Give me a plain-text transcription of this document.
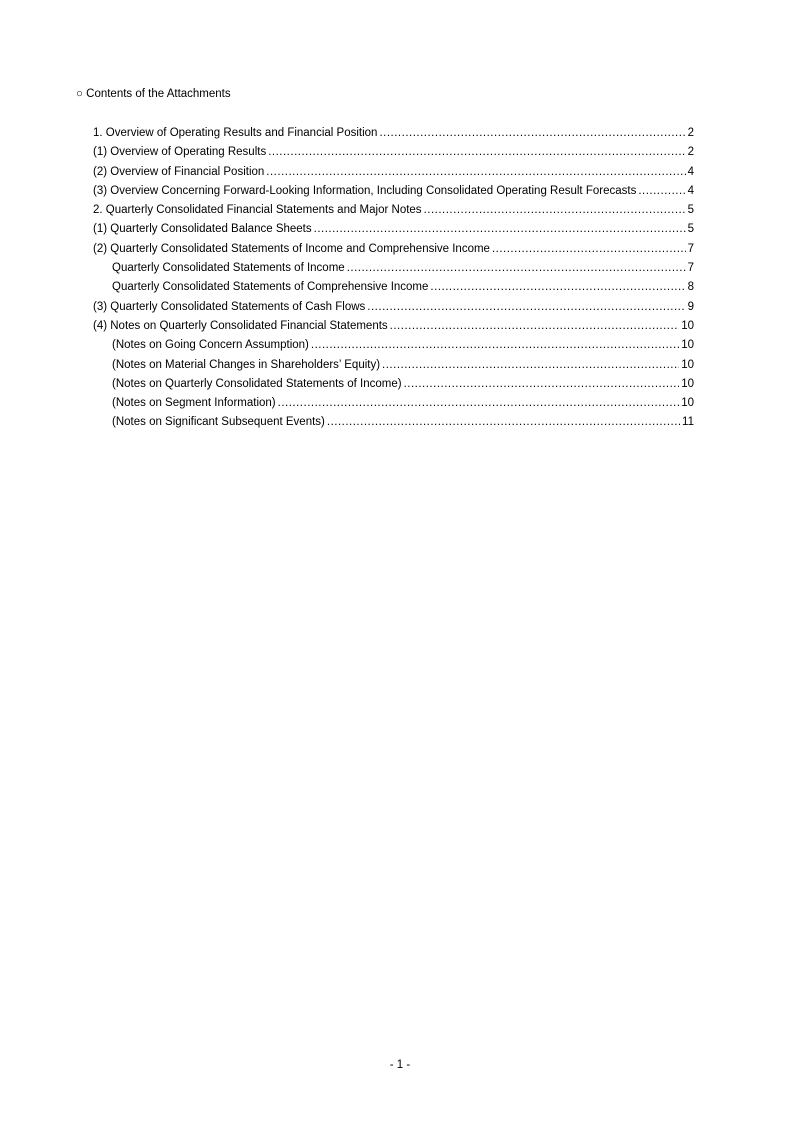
○ Contents of the Attachments
1. Overview of Operating Results and Financial Position .....	2
(1) Overview of Operating Results .....	2
(2) Overview of Financial Position .....	4
(3) Overview Concerning Forward-Looking Information, Including Consolidated Operating Result Forecasts .....	4
2. Quarterly Consolidated Financial Statements and Major Notes .....	5
(1) Quarterly Consolidated Balance Sheets .....	5
(2) Quarterly Consolidated Statements of Income and Comprehensive Income .....	7
Quarterly Consolidated Statements of Income .....	7
Quarterly Consolidated Statements of Comprehensive Income .....	8
(3) Quarterly Consolidated Statements of Cash Flows .....	9
(4) Notes on Quarterly Consolidated Financial Statements .....	10
(Notes on Going Concern Assumption) .....	10
(Notes on Material Changes in Shareholders’ Equity) .....	10
(Notes on Quarterly Consolidated Statements of Income) .....	10
(Notes on Segment Information) .....	10
(Notes on Significant Subsequent Events) .....	11
- 1 -
